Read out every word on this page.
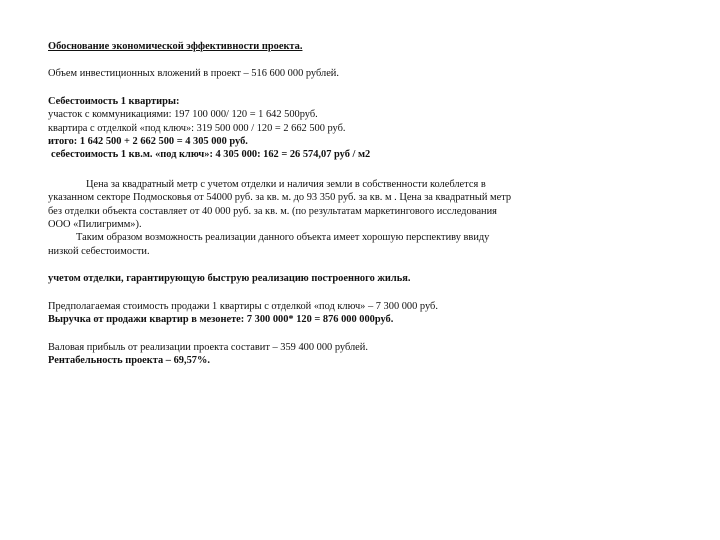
Обоснование экономической эффективности проекта.
Объем инвестиционных вложений в проект – 516 600 000 рублей.
Себестоимость 1 квартиры:
участок с коммуникациями: 197 100 000/ 120 = 1 642 500руб.
квартира с отделкой «под ключ»: 319 500 000 / 120 = 2 662 500 руб.
итого: 1 642 500 + 2 662 500 = 4 305 000 руб.
себестоимость 1 кв.м. «под ключ»: 4 305 000: 162 = 26 574,07 руб / м2
Цена за квадратный метр с учетом отделки и наличия земли в собственности колеблется в
указанном секторе Подмосковья от 54000 руб. за кв. м. до 93 350 руб. за кв. м . Цена за квадратный метр
без отделки объекта составляет от 40 000 руб. за кв. м. (по результатам маркетингового исследования
ООО «Пилигримм»).
Таким образом возможность реализации данного объекта имеет хорошую перспективу ввиду
низкой себестоимости.
учетом отделки, гарантирующую быструю реализацию построенного жилья.
Предполагаемая стоимость продажи 1 квартиры с отделкой «под ключ» – 7 300 000 руб.
Выручка от продажи квартир в мезонете: 7 300 000* 120 = 876 000 000руб.
Валовая прибыль от реализации проекта составит – 359 400 000 рублей.
Рентабельность проекта – 69,57%.
